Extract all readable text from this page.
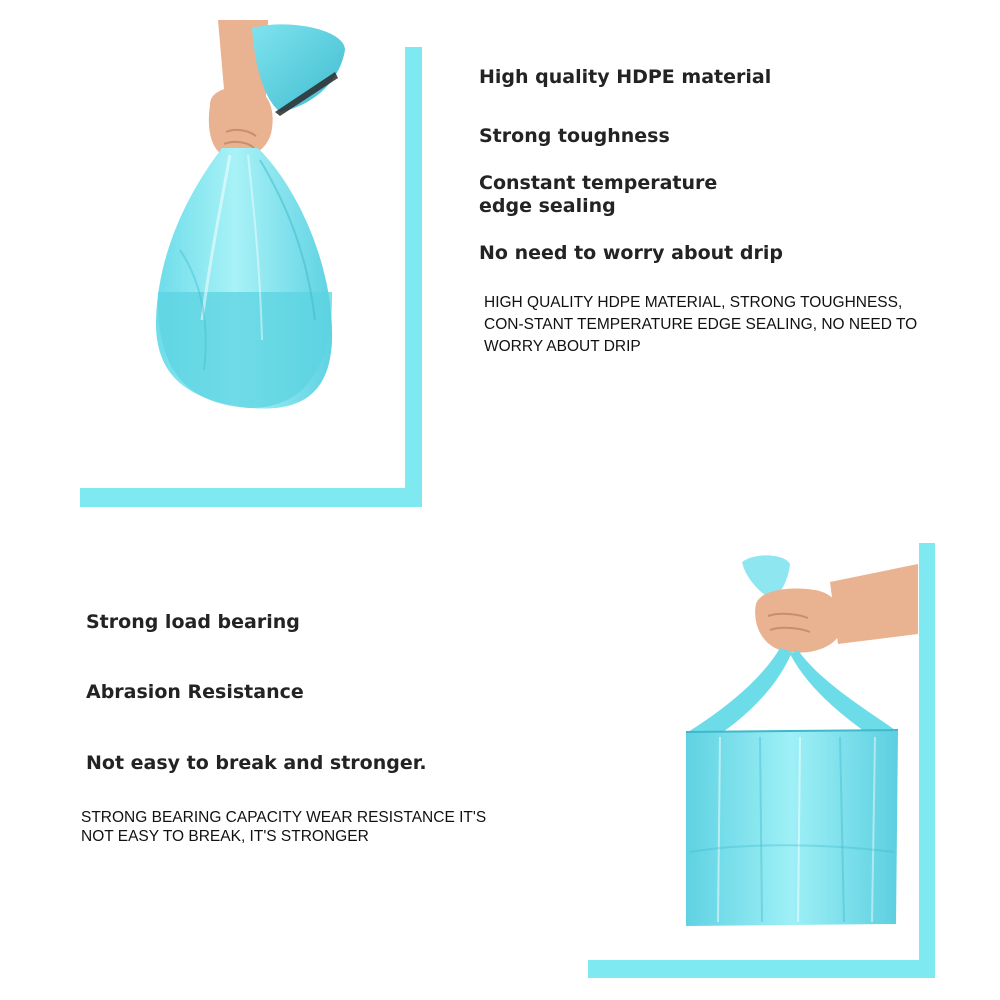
High quality HDPE material

Strong toughness

Constant temperature

edge sealing

No need to worry about drip

HIGH QUALITY HDPE MATERIAL, STRONG TOUGHNESS, CON-STANT TEMPERATURE EDGE SEALING, NO NEED TO WORRY ABOUT DRIP

Strong load bearing

Abrasion Resistance

Not easy to break and stronger.

STRONG BEARING CAPACITY WEAR RESISTANCE IT'S NOT EASY TO BREAK, IT'S STRONGER
